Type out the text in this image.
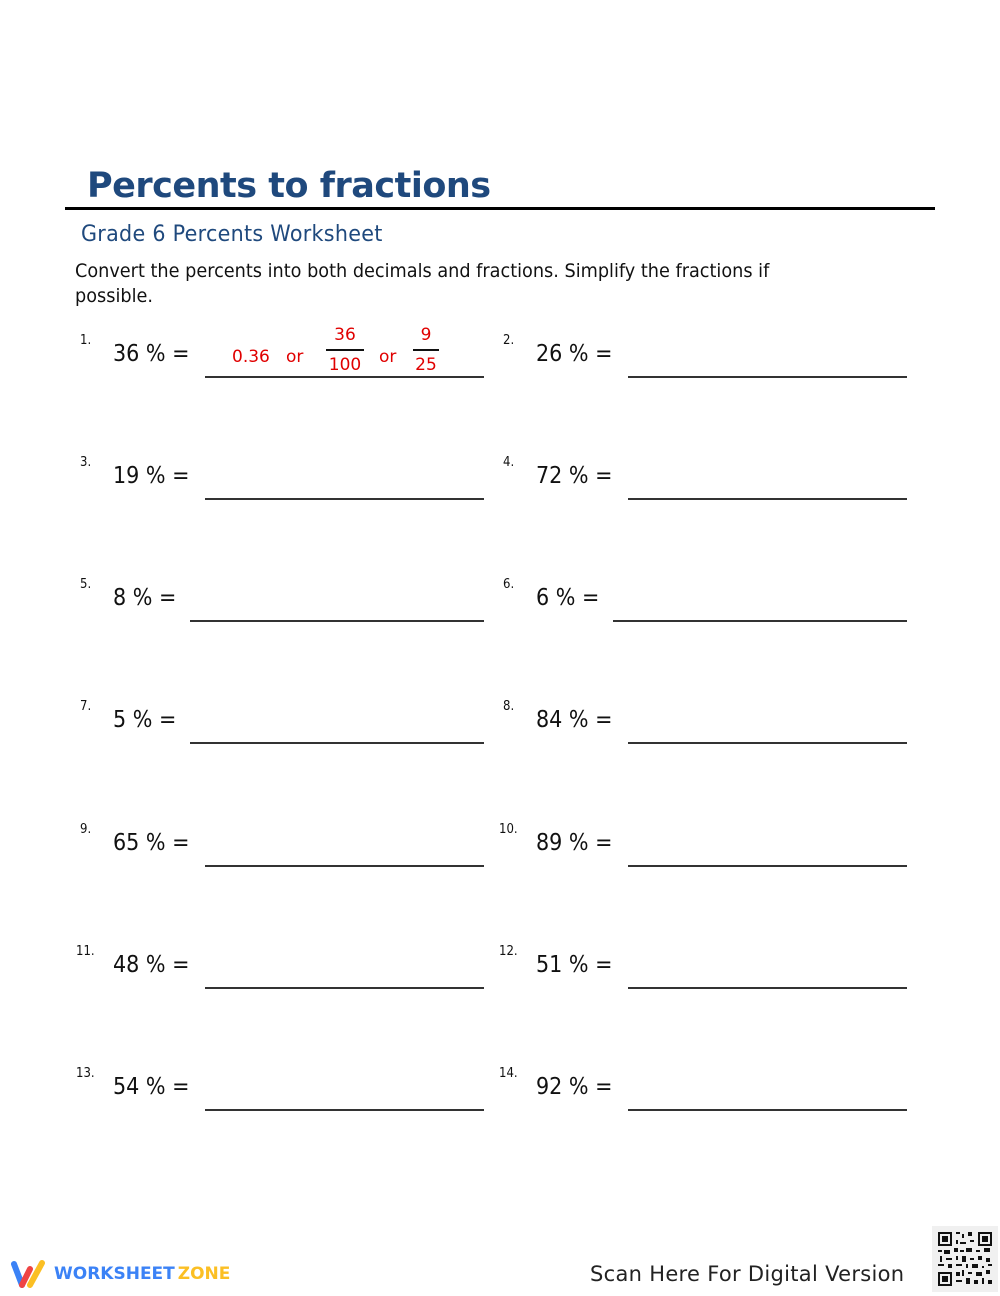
Percents to fractions
Grade 6 Percents Worksheet
Convert the percents into both decimals and fractions. Simplify the fractions if possible.
1.
36 % = 0.36 or
36
100 or
9
25
2.
26 % =
3.
19 % =
4.
72 % =
5.
8 % =
6.
6 % =
7.
5 % =
8.
84 % =
9.
65 % =
10.
89 % =
11.
48 % =
12.
51 % =
13.
54 % =
14.
92 % =
WORKSHEET ZONE	Scan Here For Digital Version
